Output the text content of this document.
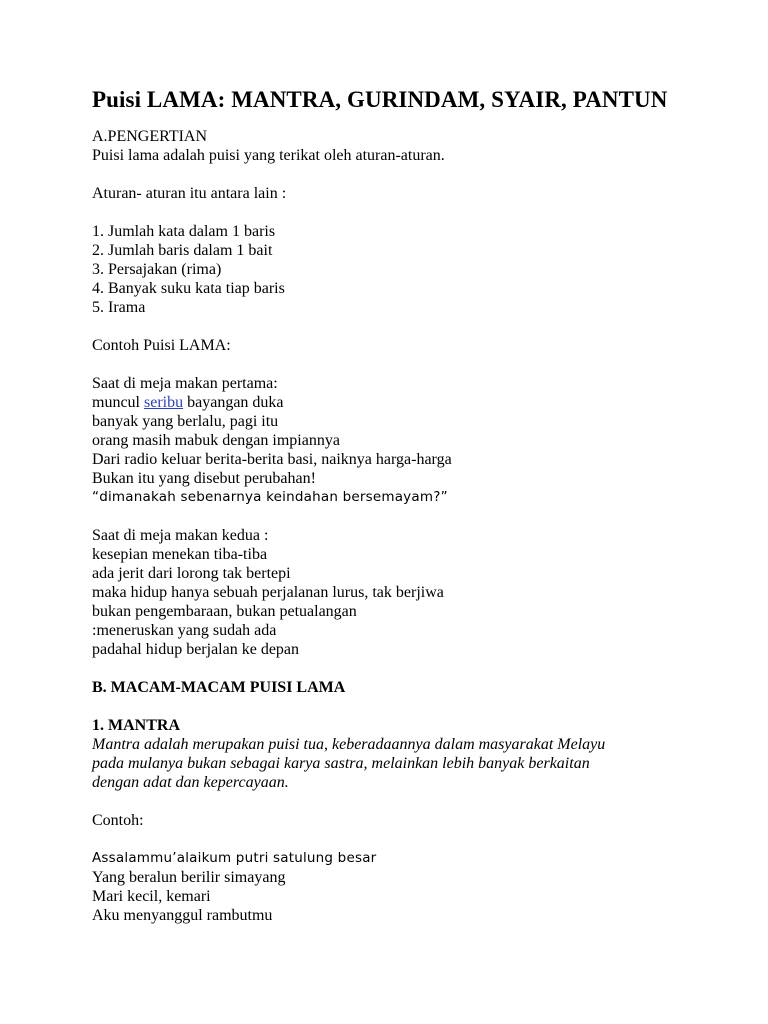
Puisi LAMA: MANTRA, GURINDAM, SYAIR, PANTUN
A.PENGERTIAN
Puisi lama adalah puisi yang terikat oleh aturan-aturan.
Aturan- aturan itu antara lain :
1. Jumlah kata dalam 1 baris
2. Jumlah baris dalam 1 bait
3. Persajakan (rima)
4. Banyak suku kata tiap baris
5. Irama
Contoh Puisi LAMA:
Saat di meja makan pertama:
muncul seribu bayangan duka
banyak yang berlalu, pagi itu
orang masih mabuk dengan impiannya
Dari radio keluar berita-berita basi, naiknya harga-harga
Bukan itu yang disebut perubahan!
“dimanakah sebenarnya keindahan bersemayam?”
Saat di meja makan kedua :
kesepian menekan tiba-tiba
ada jerit dari lorong tak bertepi
maka hidup hanya sebuah perjalanan lurus, tak berjiwa
bukan pengembaraan, bukan petualangan
:meneruskan yang sudah ada
padahal hidup berjalan ke depan
B. MACAM-MACAM PUISI LAMA
1. MANTRA
Mantra adalah merupakan puisi tua, keberadaannya dalam masyarakat Melayu
pada mulanya bukan sebagai karya sastra, melainkan lebih banyak berkaitan
dengan adat dan kepercayaan.
Contoh:
Assalammu’alaikum putri satulung besar
Yang beralun berilir simayang
Mari kecil, kemari
Aku menyanggul rambutmu
